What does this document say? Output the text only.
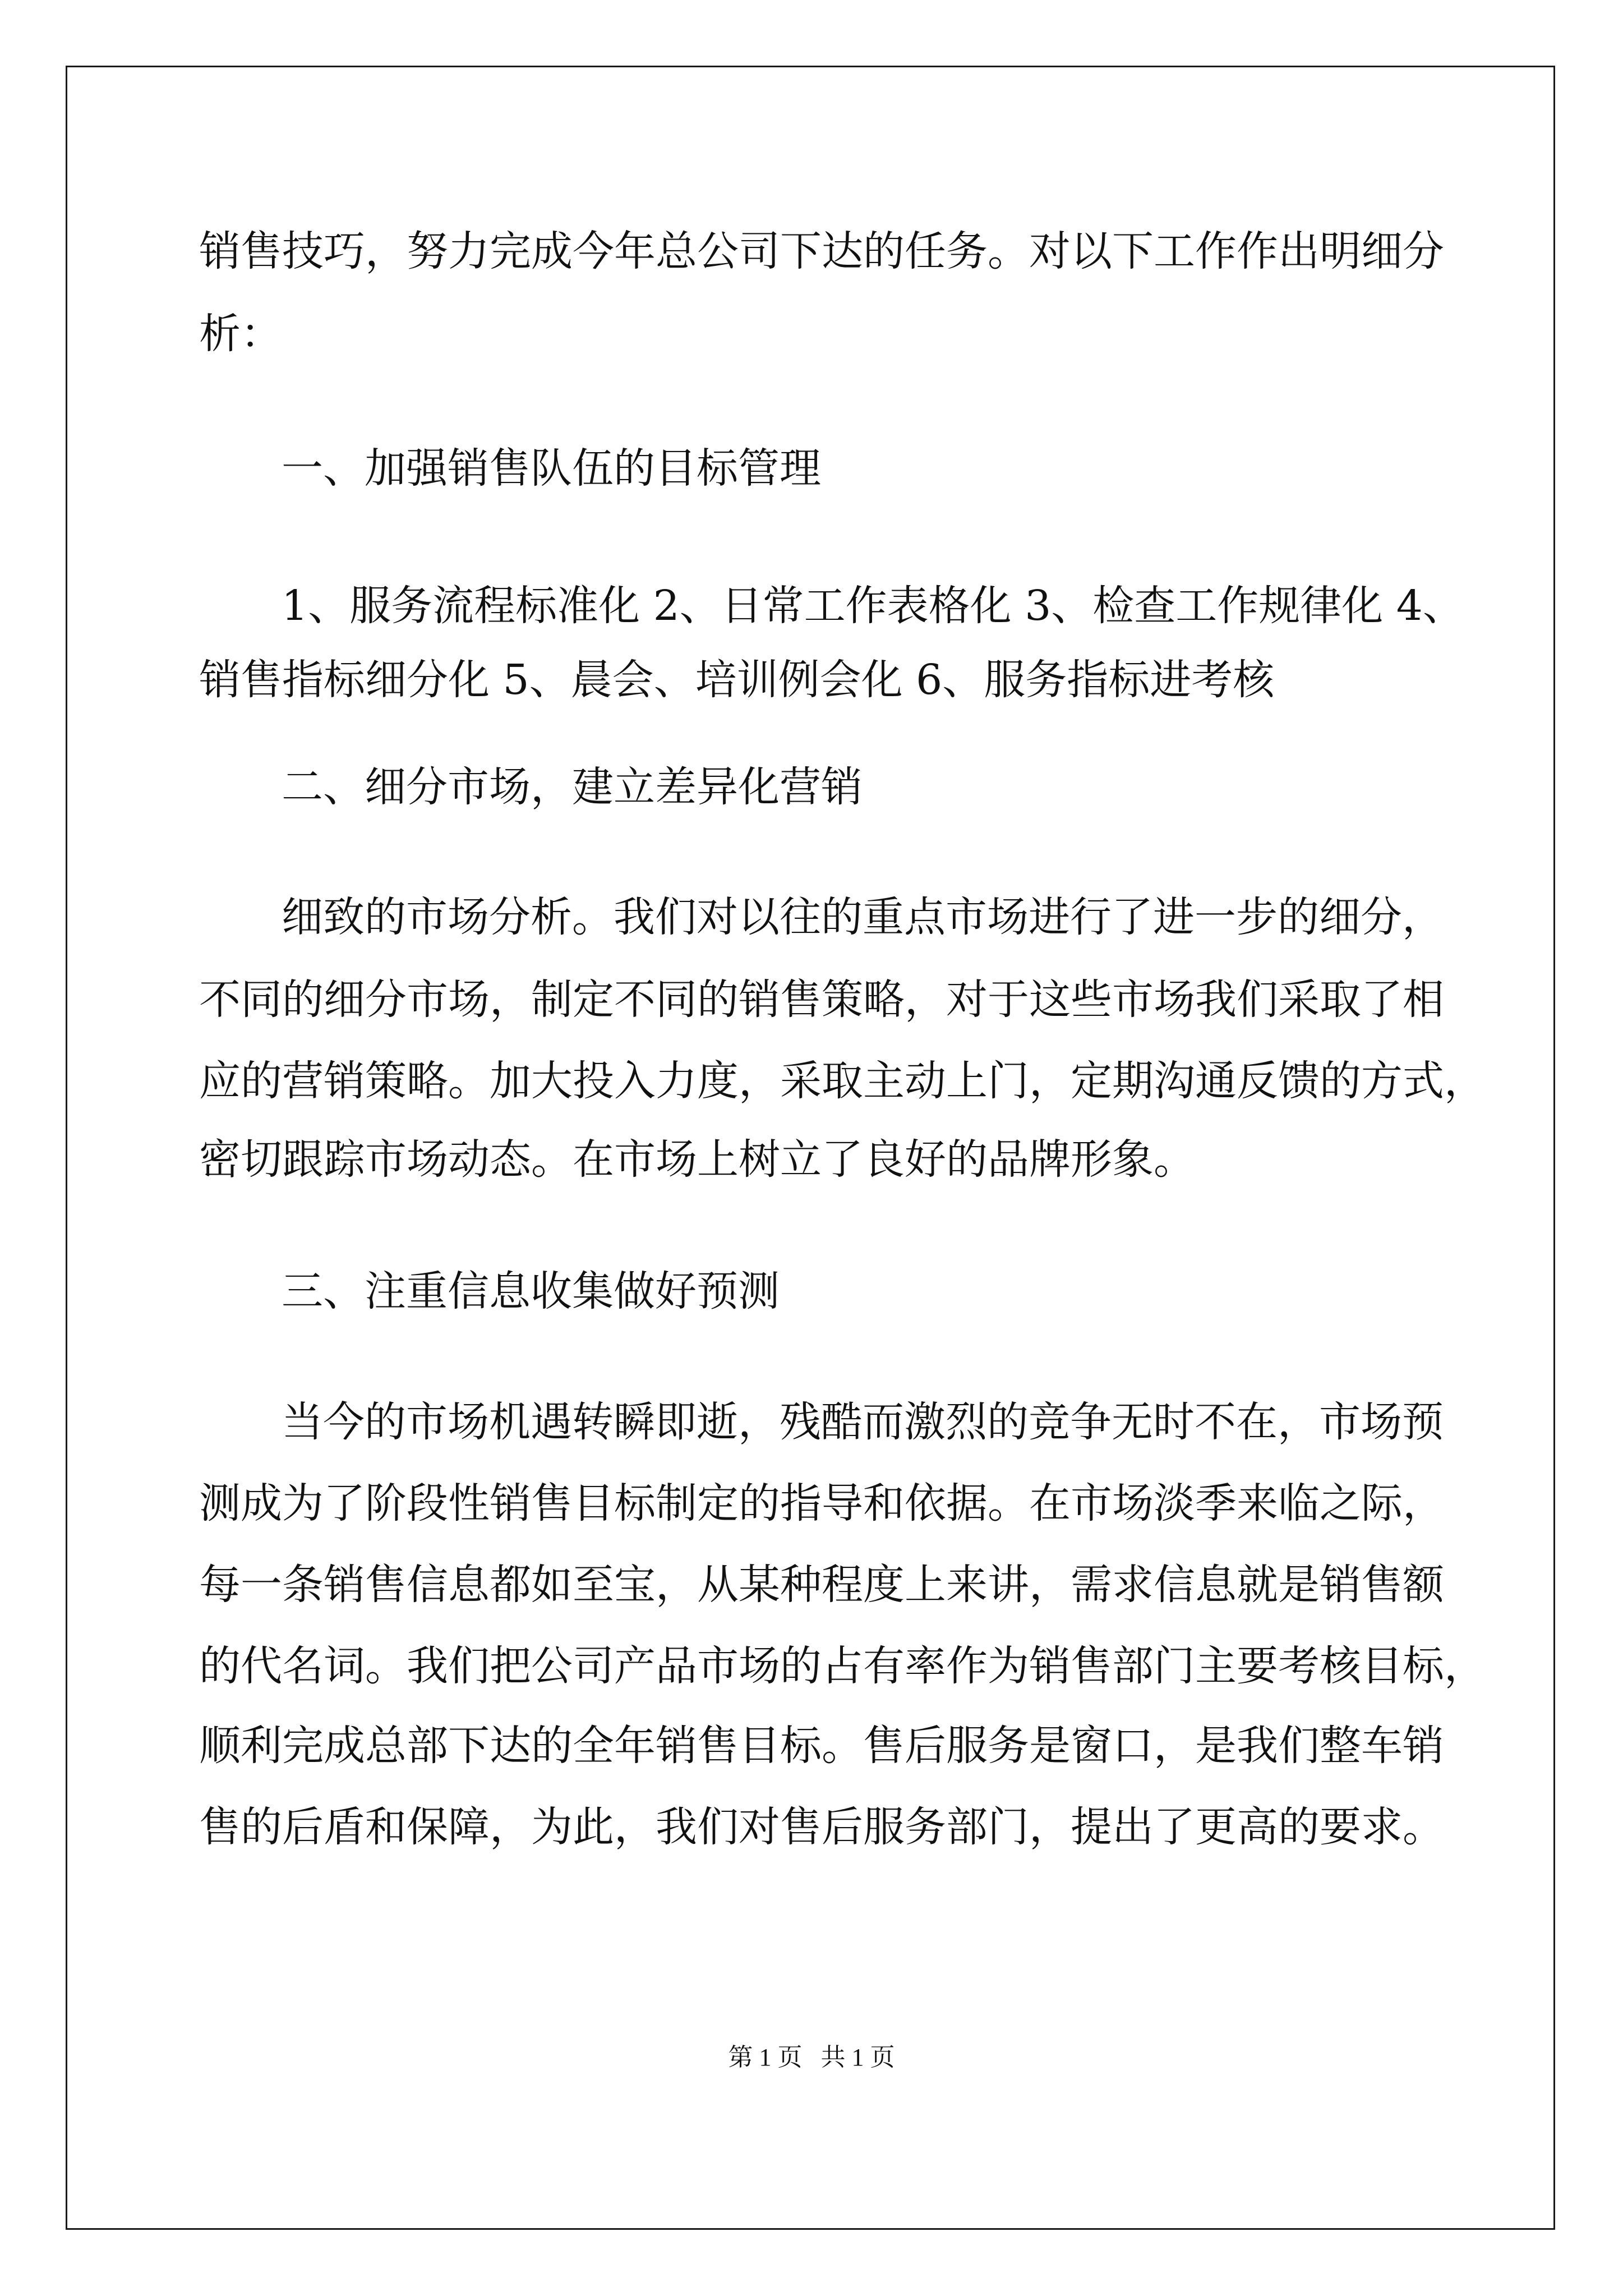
销售技巧，努力完成今年总公司下达的任务。对以下工作作出明细分

析：

一、加强销售队伍的目标管理

1、服务流程标准化 2、日常工作表格化 3、检查工作规律化 4、

销售指标细分化 5、晨会、培训例会化 6、服务指标进考核

二、细分市场，建立差异化营销

细致的市场分析。我们对以往的重点市场进行了进一步的细分，

不同的细分市场，制定不同的销售策略，对于这些市场我们采取了相

应的营销策略。加大投入力度，采取主动上门，定期沟通反馈的方式，

密切跟踪市场动态。在市场上树立了良好的品牌形象。

三、注重信息收集做好预测

当今的市场机遇转瞬即逝，残酷而激烈的竞争无时不在，市场预

测成为了阶段性销售目标制定的指导和依据。在市场淡季来临之际，

每一条销售信息都如至宝，从某种程度上来讲，需求信息就是销售额

的代名词。我们把公司产品市场的占有率作为销售部门主要考核目标，

顺利完成总部下达的全年销售目标。售后服务是窗口，是我们整车销

售的后盾和保障，为此，我们对售后服务部门，提出了更高的要求。

第 1 页   共 1 页
